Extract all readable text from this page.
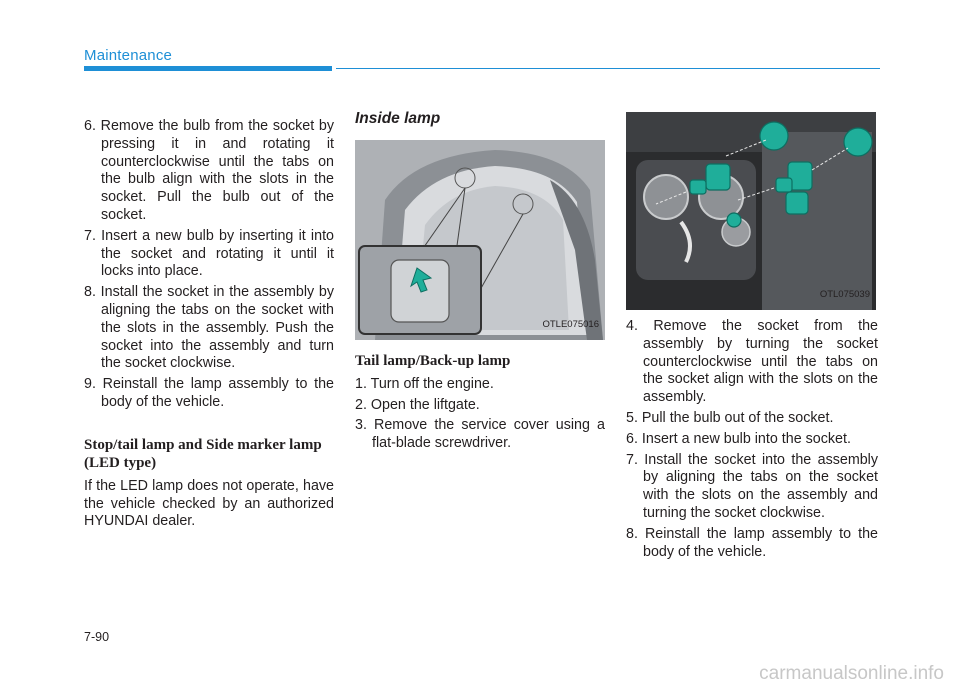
Maintenance
6. Remove the bulb from the socket by pressing it in and rotating it counterclockwise until the tabs on the bulb align with the slots in the socket. Pull the bulb out of the socket.
7. Insert a new bulb by inserting it into the socket and rotating it until it locks into place.
8. Install the socket in the assembly by aligning the tabs on the socket with the slots in the assembly. Push the socket into the assembly and turn the socket clockwise.
9. Reinstall the lamp assembly to the body of the vehicle.
Stop/tail lamp and Side marker lamp (LED type)

If the LED lamp does not operate, have the vehicle checked by an authorized HYUNDAI dealer.

Inside lamp
OTLE075016
Tail lamp/Back-up lamp
1. Turn off the engine.
2. Open the liftgate.
3. Remove the service cover using a flat-blade screwdriver.
OTL075039
4. Remove the socket from the assembly by turning the socket counterclockwise until the tabs on the socket align with the slots on the assembly.
5. Pull the bulb out of the socket.
6. Insert a new bulb into the socket.
7. Install the socket into the assembly by aligning the tabs on the socket with the slots on the assembly and turning the socket clockwise.
8. Reinstall the lamp assembly to the body of the vehicle.
7-90
carmanualsonline.info
